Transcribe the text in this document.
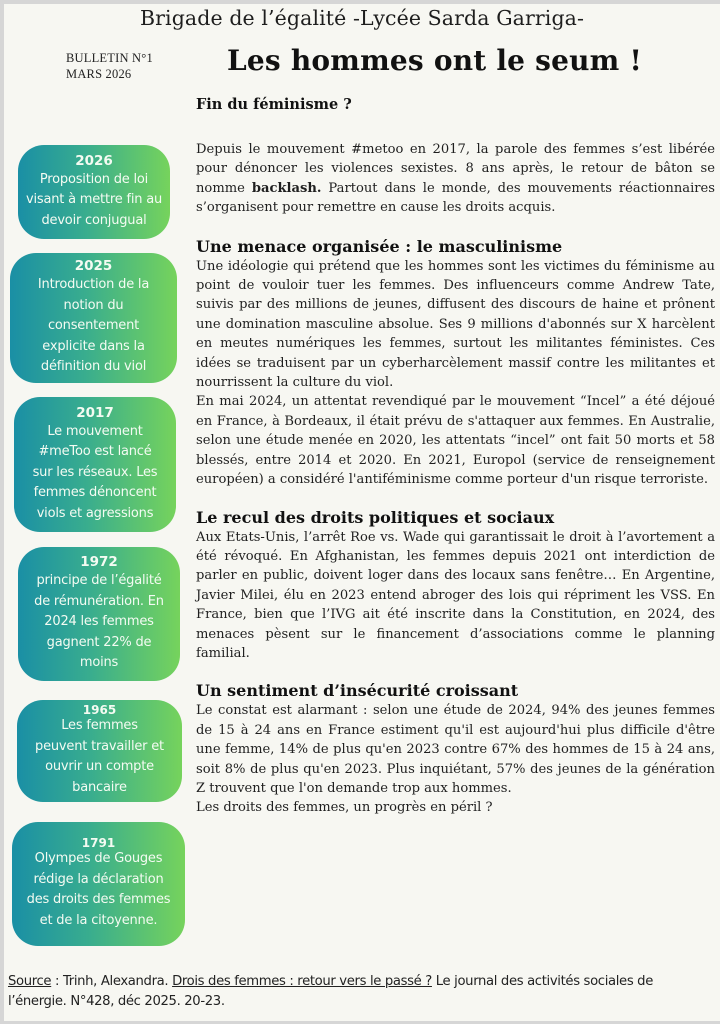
Brigade de l’égalité -Lycée Sarda Garriga-
BULLETIN N°1
MARS 2026	Les hommes ont le seum !
Fin du féminisme ?
2026
Proposition de loi visant à mettre fin au devoir conjugual
2025
Introduction de la notion du consentement explicite dans la définition du viol
2017
Le mouvement #meToo est lancé sur les réseaux. Les femmes dénoncent viols et agressions
1972
principe de l’égalité de rémunération. En 2024 les femmes gagnent 22% de moins
1965
Les femmes peuvent travailler et ouvrir un compte bancaire
1791
Olympes de Gouges rédige la déclaration des droits des femmes et de la citoyenne.

Depuis le mouvement #metoo en 2017, la parole des femmes s’est libérée pour dénoncer les violences sexistes. 8 ans après, le retour de bâton se nomme backlash. Partout dans le monde, des mouvements réactionnaires s’organisent pour remettre en cause les droits acquis.

Une menace organisée : le masculinisme

Une idéologie qui prétend que les hommes sont les victimes du féminisme au point de vouloir tuer les femmes. Des influenceurs comme Andrew Tate, suivis par des millions de jeunes, diffusent des discours de haine et prônent une domination masculine absolue. Ses 9 millions d'abonnés sur X harcèlent en meutes numériques les femmes, surtout les militantes féministes. Ces idées se traduisent par un cyberharcèlement massif contre les militantes et nourrissent la culture du viol.

En mai 2024, un attentat revendiqué par le mouvement “Incel” a été déjoué en France, à Bordeaux, il était prévu de s'attaquer aux femmes. En Australie, selon une étude menée en 2020, les attentats “incel” ont fait 50 morts et 58 blessés, entre 2014 et 2020. En 2021, Europol (service de renseignement européen) a considéré l'antiféminisme comme porteur d'un risque terroriste.

Le recul des droits politiques et sociaux

Aux Etats-Unis, l’arrêt Roe vs. Wade qui garantissait le droit à l’avortement a été révoqué. En Afghanistan, les femmes depuis 2021 ont interdiction de parler en public, doivent loger dans des locaux sans fenêtre… En Argentine, Javier Milei, élu en 2023 entend abroger des lois qui répriment les VSS. En France, bien que l’IVG ait été inscrite dans la Constitution, en 2024, des menaces pèsent sur le financement d’associations comme le planning familial.

Un sentiment d’insécurité croissant

Le constat est alarmant : selon une étude de 2024, 94% des jeunes femmes de 15 à 24 ans en France estiment qu'il est aujourd'hui plus difficile d'être une femme, 14% de plus qu'en 2023 contre 67% des hommes de 15 à 24 ans, soit 8% de plus qu'en 2023. Plus inquiétant, 57% des jeunes de la génération Z trouvent que l'on demande trop aux hommes.

Les droits des femmes, un progrès en péril ?

Source : Trinh, Alexandra. Drois des femmes : retour vers le passé ? Le journal des activités sociales de l’énergie. N°428, déc 2025. 20-23.
